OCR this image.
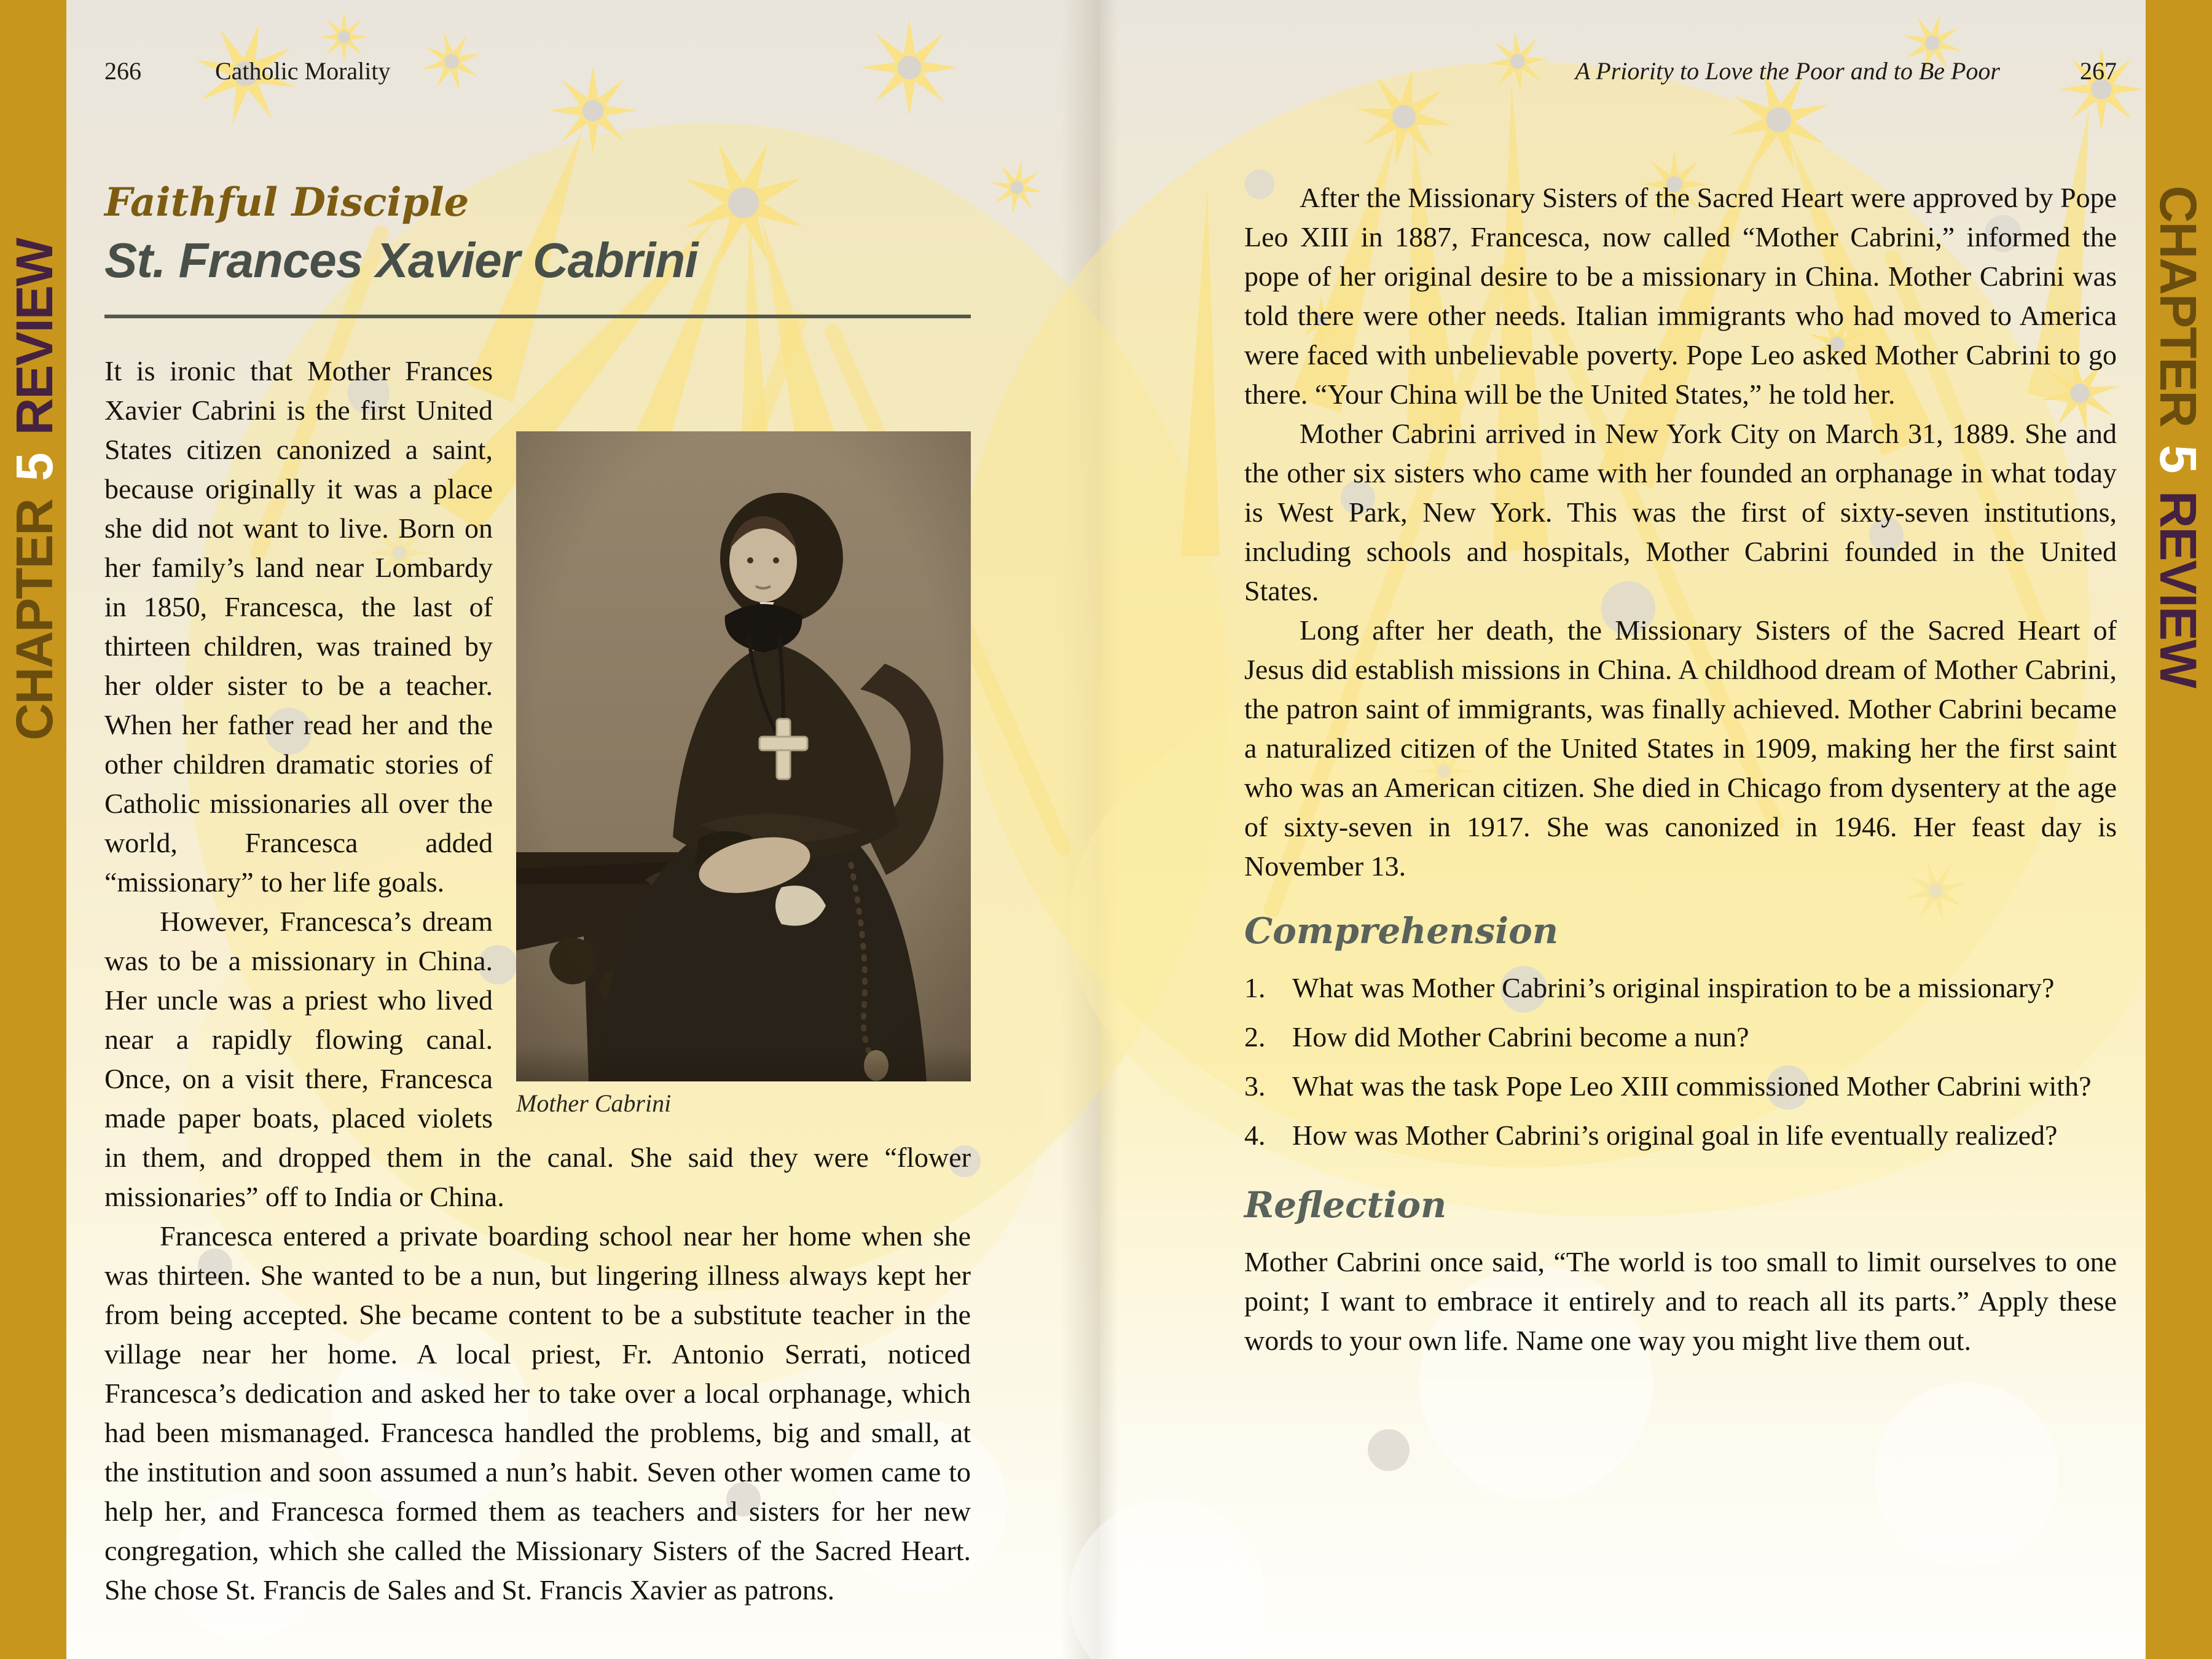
CHAPTER
5
REVIEW	CHAPTER
5
REVIEW
266	Catholic Morality
Faithful Disciple
St. Frances Xavier Cabrini
Mother Cabrini

It is ironic that Mother Frances Xavier Cabrini is the first United States citizen canonized a saint, because originally it was a place she did not want to live. Born on her family’s land near Lombardy in 1850, Francesca, the last of thirteen children, was trained by her older sister to be a teacher. When her father read her and the other children dramatic stories of Catholic missionaries all over the world, Francesca added “missionary” to her life goals.

However, Francesca’s dream was to be a missionary in China. Her uncle was a priest who lived near a rapidly flowing canal. Once, on a visit there, Francesca made paper boats, placed violets in them, and dropped them in the canal. She said they were “flower missionaries” off to India or China.

Francesca entered a private boarding school near her home when she was thirteen. She wanted to be a nun, but lingering illness always kept her from being accepted. She became content to be a substitute teacher in the village near her home. A local priest, Fr. Antonio Serrati, noticed Francesca’s dedication and asked her to take over a local orphanage, which had been mismanaged. Francesca handled the problems, big and small, at the institution and soon assumed a nun’s habit. Seven other women came to help her, and Francesca formed them as teachers and sisters for her new congregation, which she called the Missionary Sisters of the Sacred Heart. She chose St. Francis de Sales and St. Francis Xavier as patrons.

A Priority to Love the Poor and to Be Poor	267

After the Missionary Sisters of the Sacred Heart were approved by Pope Leo XIII in 1887, Francesca, now called “Mother Cabrini,” informed the pope of her original desire to be a missionary in China. Mother Cabrini was told there were other needs. Italian immigrants who had moved to America were faced with unbelievable poverty. Pope Leo asked Mother Cabrini to go there. “Your China will be the United States,” he told her.

Mother Cabrini arrived in New York City on March 31, 1889. She and the other six sisters who came with her founded an orphanage in what today is West Park, New York. This was the first of sixty-seven institutions, including schools and hospitals, Mother Cabrini founded in the United States.

Long after her death, the Missionary Sisters of the Sacred Heart of Jesus did establish missions in China. A childhood dream of Mother Cabrini, the patron saint of immigrants, was finally achieved. Mother Cabrini became a naturalized citizen of the United States in 1909, making her the first saint who was an American citizen. She died in Chicago from dysentery at the age of sixty-seven in 1917. She was canonized in 1946. Her feast day is November 13.

Comprehension
1. What was Mother Cabrini’s original inspiration to be a missionary?
2. How did Mother Cabrini become a nun?
3. What was the task Pope Leo XIII commissioned Mother Cabrini with?
4. How was Mother Cabrini’s original goal in life eventually realized?
Reflection

Mother Cabrini once said, “The world is too small to limit ourselves to one point; I want to embrace it entirely and to reach all its parts.” Apply these words to your own life. Name one way you might live them out.
